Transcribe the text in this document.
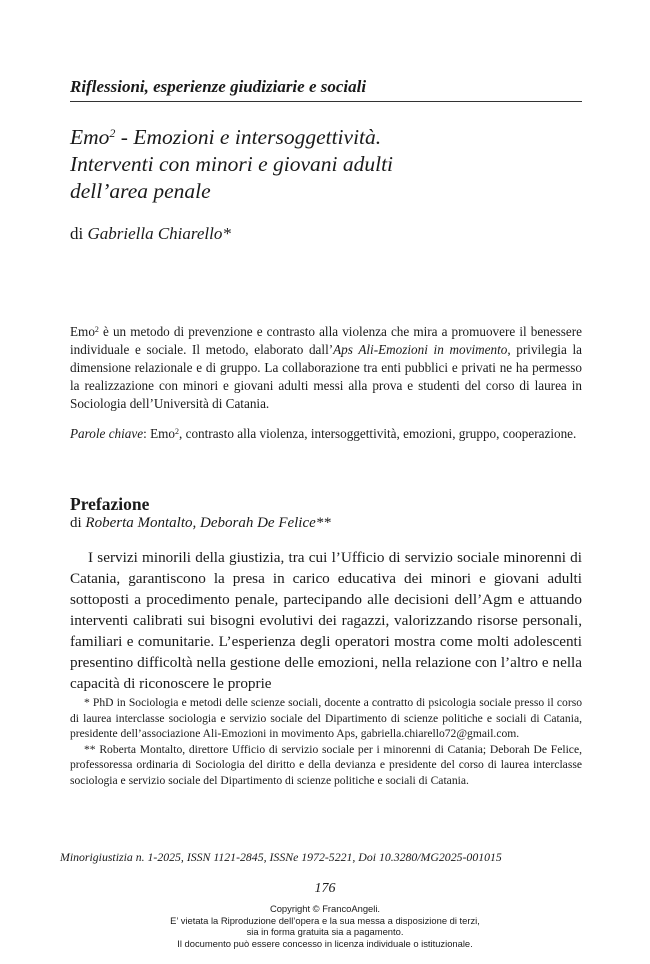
Riflessioni, esperienze giudiziarie e sociali
Emo$^2$ - Emozioni e intersoggettività.
Interventi con minori e giovani adulti
dell’area penale
di Gabriella Chiarello*
Emo$^2$ è un metodo di prevenzione e contrasto alla violenza che mira a promuovere il benessere individuale e sociale. Il metodo, elaborato dall’Aps Ali-Emozioni in movimento, privilegia la dimensione relazionale e di gruppo. La collaborazione tra enti pubblici e privati ne ha permesso la realizzazione con minori e giovani adulti messi alla prova e studenti del corso di laurea in Sociologia dell’Università di Catania.
Parole chiave: Emo$^2$, contrasto alla violenza, intersoggettività, emozioni, gruppo, cooperazione.
Prefazione
di Roberta Montalto, Deborah De Felice**
I servizi minorili della giustizia, tra cui l’Ufficio di servizio sociale minorenni di Catania, garantiscono la presa in carico educativa dei minori e giovani adulti sottoposti a procedimento penale, partecipando alle decisioni dell’Agm e attuando interventi calibrati sui bisogni evolutivi dei ragazzi, valorizzando risorse personali, familiari e comunitarie. L’esperienza degli operatori mostra come molti adolescenti presentino difficoltà nella gestione delle emozioni, nella relazione con l’altro e nella capacità di riconoscere le proprie

* PhD in Sociologia e metodi delle scienze sociali, docente a contratto di psicologia sociale presso il corso di laurea interclasse sociologia e servizio sociale del Dipartimento di scienze politiche e sociali di Catania, presidente dell’associazione Ali-Emozioni in movimento Aps, gabriella.chiarello72@gmail.com.

** Roberta Montalto, direttore Ufficio di servizio sociale per i minorenni di Catania; Deborah De Felice, professoressa ordinaria di Sociologia del diritto e della devianza e presidente del corso di laurea interclasse sociologia e servizio sociale del Dipartimento di scienze politiche e sociali di Catania.

Minorigiustizia n. 1-2025, ISSN 1121-2845, ISSNe 1972-5221, Doi 10.3280/MG2025-001015
176
Copyright © FrancoAngeli.
E’ vietata la Riproduzione dell’opera e la sua messa a disposizione di terzi,
sia in forma gratuita sia a pagamento.
Il documento può essere concesso in licenza individuale o istituzionale.
